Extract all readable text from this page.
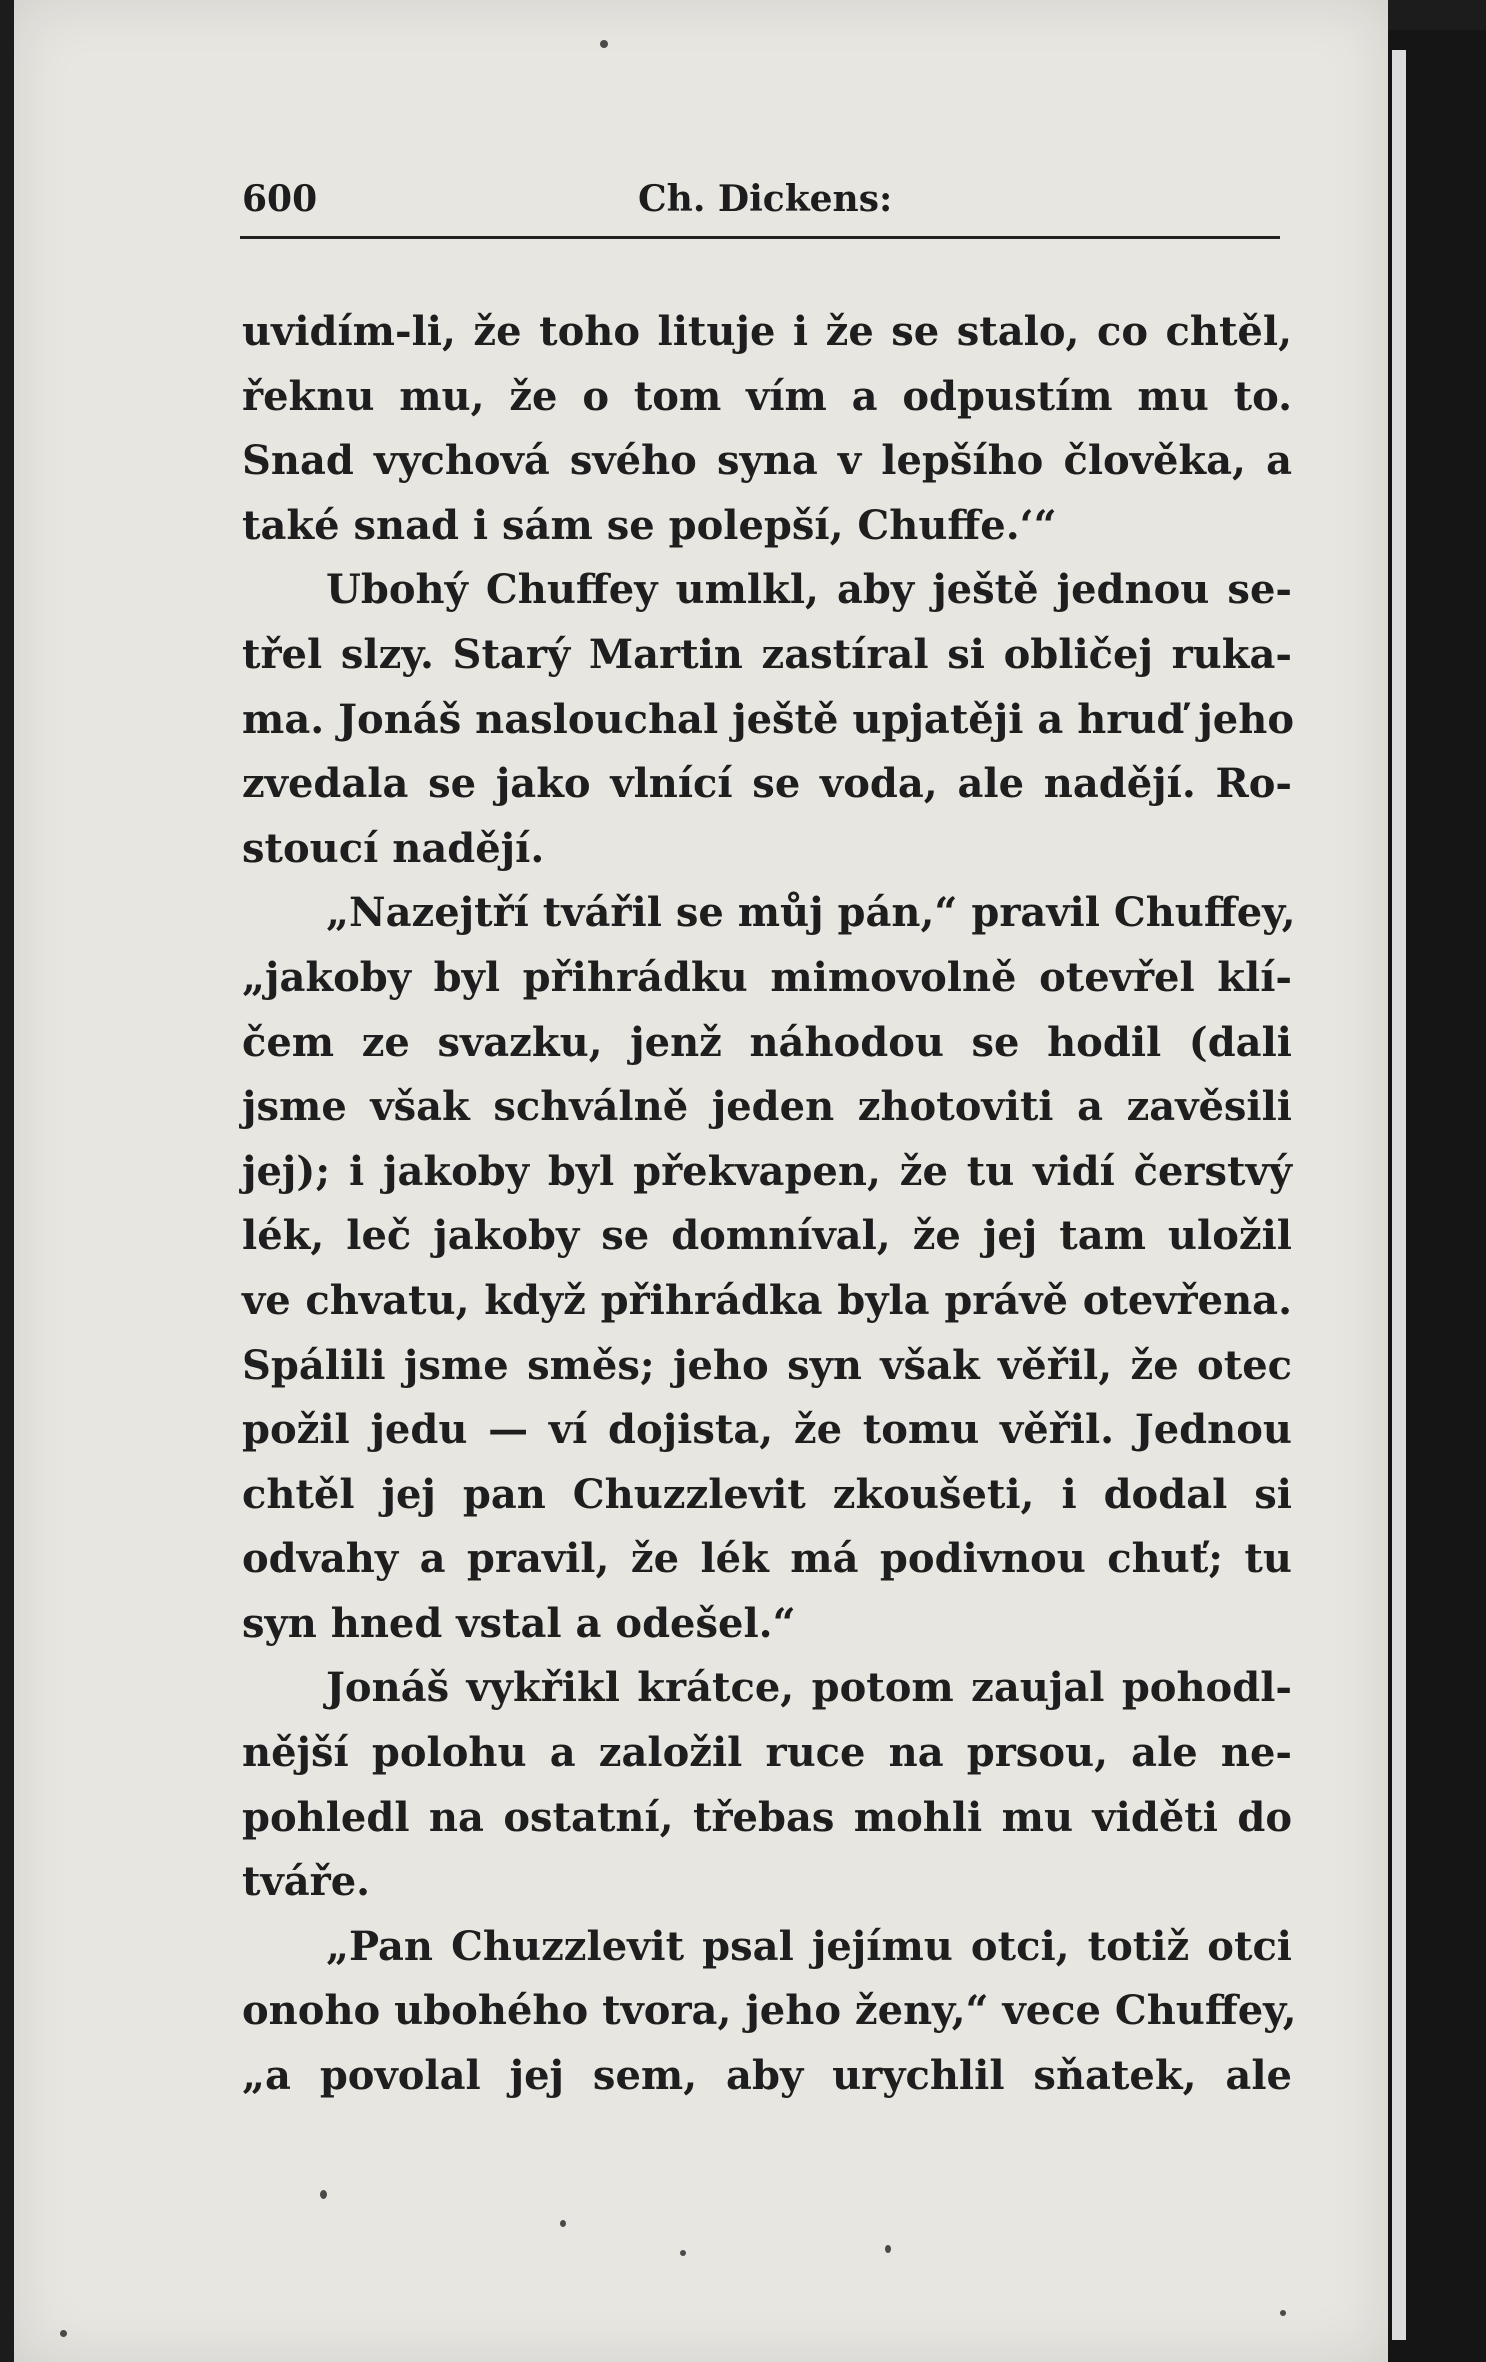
600	Ch. Dickens:
uvidím-li, že toho lituje i že se stalo, co chtěl,
řeknu mu, že o tom vím a odpustím mu to.
Snad vychová svého syna v lepšího člověka, a
také snad i sám se polepší, Chuffe.‘“
Ubohý Chuffey umlkl, aby ještě jednou se-
třel slzy. Starý Martin zastíral si obličej ruka-
ma. Jonáš naslouchal ještě upjatěji a hruď jeho
zvedala se jako vlnící se voda, ale nadějí. Ro-
stoucí nadějí.
„Nazejtří tvářil se můj pán,“ pravil Chuffey,
„jakoby byl přihrádku mimovolně otevřel klí-
čem ze svazku, jenž náhodou se hodil (dali
jsme však schválně jeden zhotoviti a zavěsili
jej); i jakoby byl překvapen, že tu vidí čerstvý
lék, leč jakoby se domníval, že jej tam uložil
ve chvatu, když přihrádka byla právě otevřena.
Spálili jsme směs; jeho syn však věřil, že otec
požil jedu — ví dojista, že tomu věřil. Jednou
chtěl jej pan Chuzzlevit zkoušeti, i dodal si
odvahy a pravil, že lék má podivnou chuť; tu
syn hned vstal a odešel.“
Jonáš vykřikl krátce, potom zaujal pohodl-
nější polohu a založil ruce na prsou, ale ne-
pohledl na ostatní, třebas mohli mu viděti do
tváře.
„Pan Chuzzlevit psal jejímu otci, totiž otci
onoho ubohého tvora, jeho ženy,“ vece Chuffey,
„a povolal jej sem, aby urychlil sňatek, ale
